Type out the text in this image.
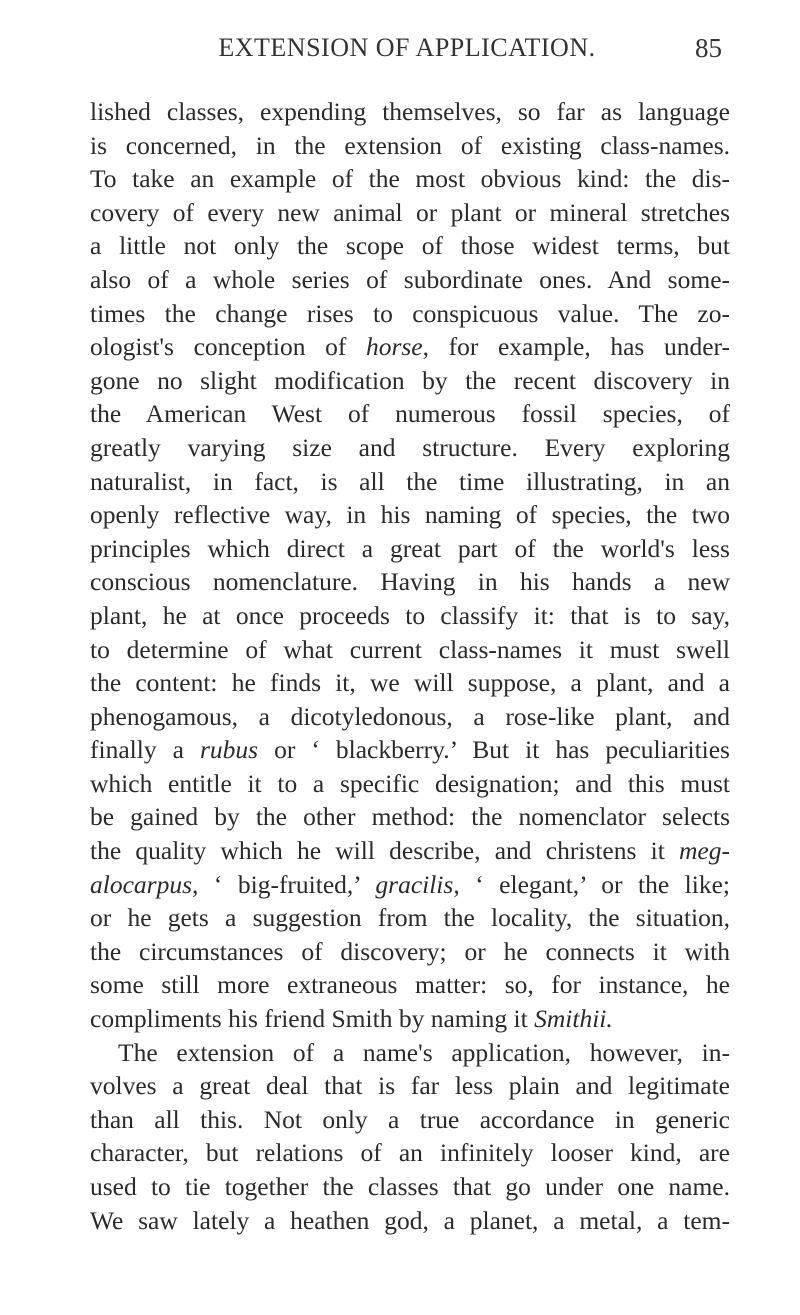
EXTENSION OF APPLICATION.	85
lished classes, expending themselves, so far as language
is concerned, in the extension of existing class-names.
To take an example of the most obvious kind: the dis-
covery of every new animal or plant or mineral stretches
a little not only the scope of those widest terms, but
also of a whole series of subordinate ones. And some-
times the change rises to conspicuous value. The zo-
ologist's conception of horse, for example, has under-
gone no slight modification by the recent discovery in
the American West of numerous fossil species, of
greatly varying size and structure. Every exploring
naturalist, in fact, is all the time illustrating, in an
openly reflective way, in his naming of species, the two
principles which direct a great part of the world's less
conscious nomenclature. Having in his hands a new
plant, he at once proceeds to classify it: that is to say,
to determine of what current class-names it must swell
the content: he finds it, we will suppose, a plant, and a
phenogamous, a dicotyledonous, a rose-like plant, and
finally a rubus or ‘ blackberry.’ But it has peculiarities
which entitle it to a specific designation; and this must
be gained by the other method: the nomenclator selects
the quality which he will describe, and christens it meg-
alocarpus, ‘ big-fruited,’ gracilis, ‘ elegant,’ or the like;
or he gets a suggestion from the locality, the situation,
the circumstances of discovery; or he connects it with
some still more extraneous matter: so, for instance, he
compliments his friend Smith by naming it Smithii.
The extension of a name's application, however, in-
volves a great deal that is far less plain and legitimate
than all this. Not only a true accordance in generic
character, but relations of an infinitely looser kind, are
used to tie together the classes that go under one name.
We saw lately a heathen god, a planet, a metal, a tem-
